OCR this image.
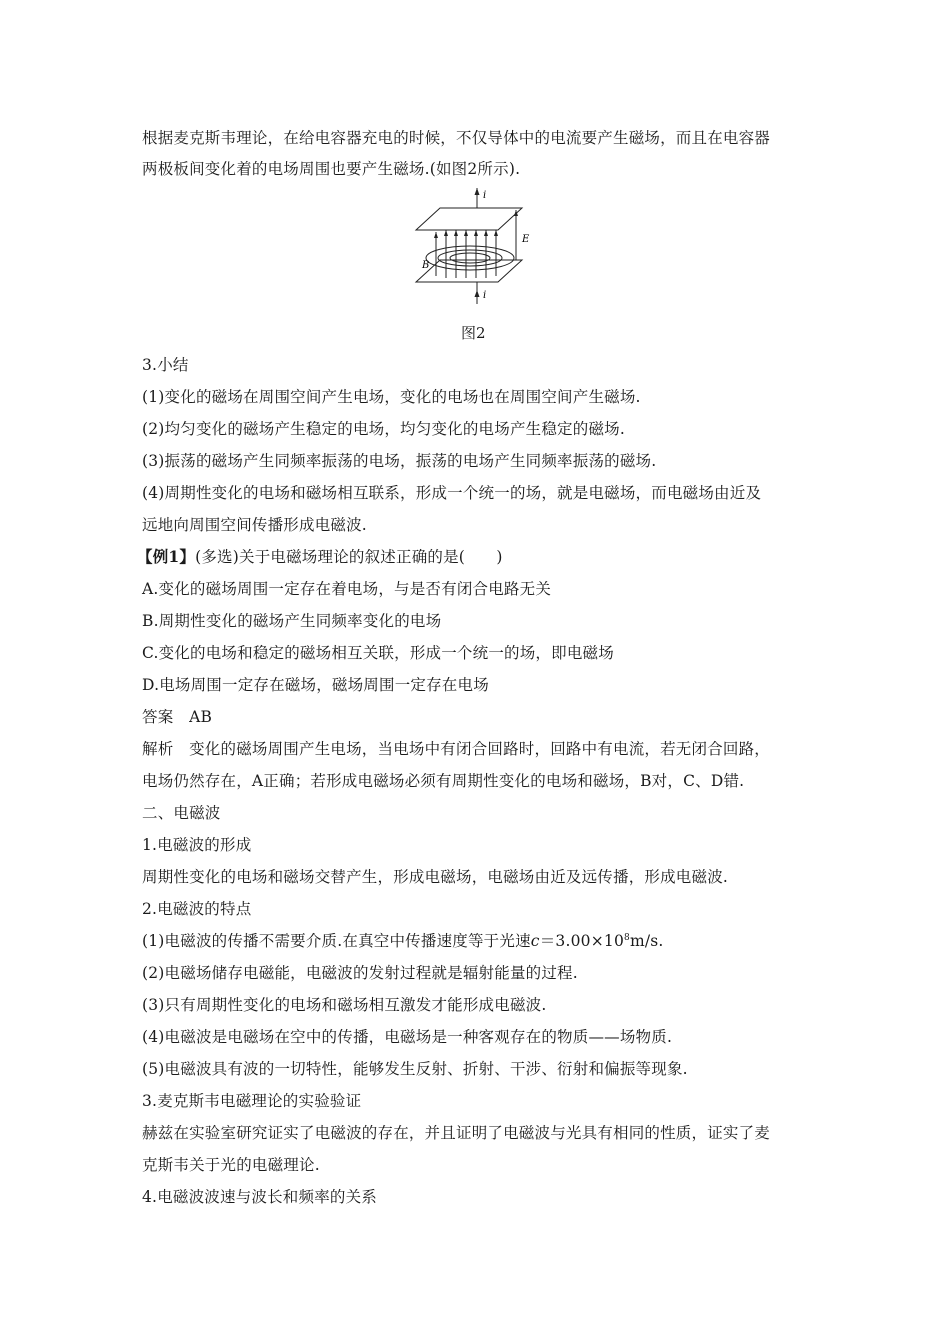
根据麦克斯韦理论，在给电容器充电的时候，不仅导体中的电流要产生磁场，而且在电容器
两极板间变化着的电场周围也要产生磁场.(如图2所示).
i
E
B
i
图2
3.小结
(1)变化的磁场在周围空间产生电场，变化的电场也在周围空间产生磁场.
(2)均匀变化的磁场产生稳定的电场，均匀变化的电场产生稳定的磁场.
(3)振荡的磁场产生同频率振荡的电场，振荡的电场产生同频率振荡的磁场.
(4)周期性变化的电场和磁场相互联系，形成一个统一的场，就是电磁场，而电磁场由近及
远地向周围空间传播形成电磁波.
【例1】(多选)关于电磁场理论的叙述正确的是(　　)
A.变化的磁场周围一定存在着电场，与是否有闭合电路无关
B.周期性变化的磁场产生同频率变化的电场
C.变化的电场和稳定的磁场相互关联，形成一个统一的场，即电磁场
D.电场周围一定存在磁场，磁场周围一定存在电场
答案　AB
解析　变化的磁场周围产生电场，当电场中有闭合回路时，回路中有电流，若无闭合回路，
电场仍然存在，A正确；若形成电磁场必须有周期性变化的电场和磁场，B对，C、D错.
二、电磁波
1.电磁波的形成
周期性变化的电场和磁场交替产生，形成电磁场，电磁场由近及远传播，形成电磁波.
2.电磁波的特点
(1)电磁波的传播不需要介质.在真空中传播速度等于光速$c=3.00\times 10^8m/s$.
(2)电磁场储存电磁能，电磁波的发射过程就是辐射能量的过程.
(3)只有周期性变化的电场和磁场相互激发才能形成电磁波.
(4)电磁波是电磁场在空中的传播，电磁场是一种客观存在的物质——场物质.
(5)电磁波具有波的一切特性，能够发生反射、折射、干涉、衍射和偏振等现象.
3.麦克斯韦电磁理论的实验验证
赫兹在实验室研究证实了电磁波的存在，并且证明了电磁波与光具有相同的性质，证实了麦
克斯韦关于光的电磁理论.
4.电磁波波速与波长和频率的关系
